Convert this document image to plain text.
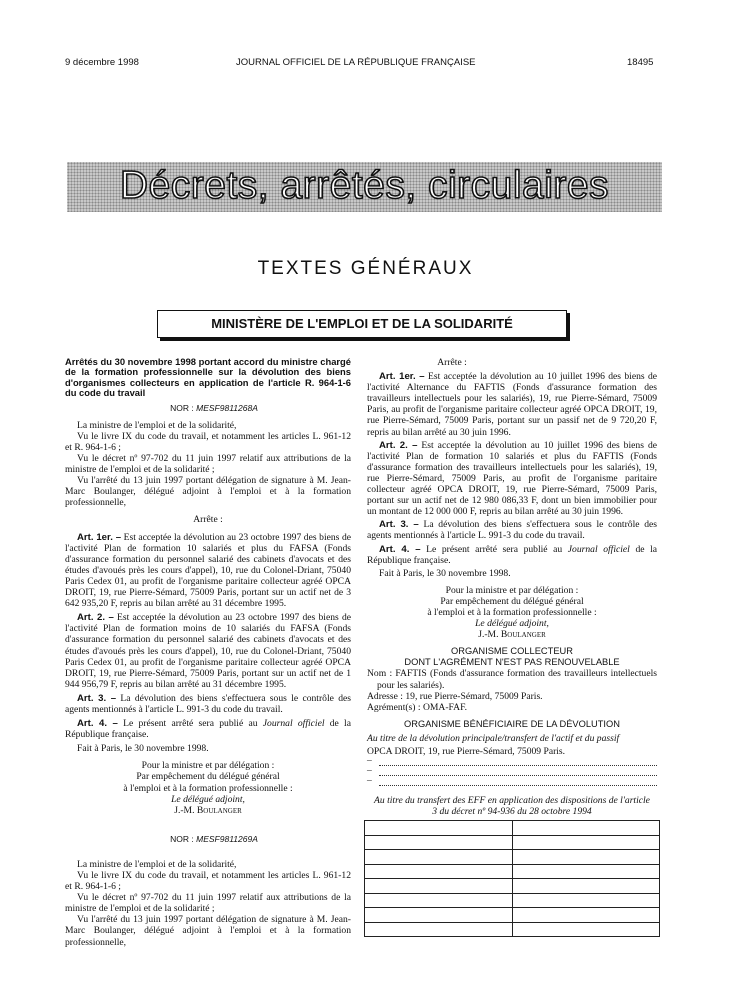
9 décembre 1998	JOURNAL OFFICIEL DE LA RÉPUBLIQUE FRANÇAISE	18495
Décrets, arrêtés, circulaires
TEXTES GÉNÉRAUX
MINISTÈRE DE L'EMPLOI ET DE LA SOLIDARITÉ

Arrêtés du 30 novembre 1998 portant accord du ministre chargé de la formation professionnelle sur la dévolution des biens d'organismes collecteurs en application de l'article R. 964-1-6 du code du travail

NOR : MESF9811268A

La ministre de l'emploi et de la solidarité,

Vu le livre IX du code du travail, et notamment les articles L. 961-12 et R. 964-1-6 ;

Vu le décret nº 97-702 du 11 juin 1997 relatif aux attributions de la ministre de l'emploi et de la solidarité ;

Vu l'arrêté du 13 juin 1997 portant délégation de signature à M. Jean-Marc Boulanger, délégué adjoint à l'emploi et à la formation professionnelle,

Arrête :

Art. 1er. – Est acceptée la dévolution au 23 octobre 1997 des biens de l'activité Plan de formation 10 salariés et plus du FAFSA (Fonds d'assurance formation du personnel salarié des cabinets d'avocats et des études d'avoués près les cours d'appel), 10, rue du Colonel-Driant, 75040 Paris Cedex 01, au profit de l'organisme paritaire collecteur agréé OPCA DROIT, 19, rue Pierre-Sémard, 75009 Paris, portant sur un actif net de 3 642 935,20 F, repris au bilan arrêté au 31 décembre 1995.

Art. 2. – Est acceptée la dévolution au 23 octobre 1997 des biens de l'activité Plan de formation moins de 10 salariés du FAFSA (Fonds d'assurance formation du personnel salarié des cabinets d'avocats et des études d'avoués près les cours d'appel), 10, rue du Colonel-Driant, 75040 Paris Cedex 01, au profit de l'organisme paritaire collecteur agréé OPCA DROIT, 19, rue Pierre-Sémard, 75009 Paris, portant sur un actif net de 1 944 956,79 F, repris au bilan arrêté au 31 décembre 1995.

Art. 3. – La dévolution des biens s'effectuera sous le contrôle des agents mentionnés à l'article L. 991-3 du code du travail.

Art. 4. – Le présent arrêté sera publié au Journal officiel de la République française.

Fait à Paris, le 30 novembre 1998.

Pour la ministre et par délégation :

Par empêchement du délégué général

à l'emploi et à la formation professionnelle :

Le délégué adjoint,

J.-M. Boulanger

NOR : MESF9811269A

La ministre de l'emploi et de la solidarité,

Vu le livre IX du code du travail, et notamment les articles L. 961-12 et R. 964-1-6 ;

Vu le décret nº 97-702 du 11 juin 1997 relatif aux attributions de la ministre de l'emploi et de la solidarité ;

Vu l'arrêté du 13 juin 1997 portant délégation de signature à M. Jean-Marc Boulanger, délégué adjoint à l'emploi et à la formation professionnelle,

Arrête :

Art. 1er. – Est acceptée la dévolution au 10 juillet 1996 des biens de l'activité Alternance du FAFTIS (Fonds d'assurance formation des travailleurs intellectuels pour les salariés), 19, rue Pierre-Sémard, 75009 Paris, au profit de l'organisme paritaire collecteur agréé OPCA DROIT, 19, rue Pierre-Sémard, 75009 Paris, portant sur un passif net de 9 720,20 F, repris au bilan arrêté au 30 juin 1996.

Art. 2. – Est acceptée la dévolution au 10 juillet 1996 des biens de l'activité Plan de formation 10 salariés et plus du FAFTIS (Fonds d'assurance formation des travailleurs intellectuels pour les salariés), 19, rue Pierre-Sémard, 75009 Paris, au profit de l'organisme paritaire collecteur agréé OPCA DROIT, 19, rue Pierre-Sémard, 75009 Paris, portant sur un actif net de 12 980 086,33 F, dont un bien immobilier pour un montant de 12 000 000 F, repris au bilan arrêté au 30 juin 1996.

Art. 3. – La dévolution des biens s'effectuera sous le contrôle des agents mentionnés à l'article L. 991-3 du code du travail.

Art. 4. – Le présent arrêté sera publié au Journal officiel de la République française.

Fait à Paris, le 30 novembre 1998.

Pour la ministre et par délégation :

Par empêchement du délégué général

à l'emploi et à la formation professionnelle :

Le délégué adjoint,

J.-M. Boulanger

ORGANISME COLLECTEUR

DONT L'AGRÉMENT N'EST PAS RENOUVELABLE

Nom : FAFTIS (Fonds d'assurance formation des travailleurs intellectuels pour les salariés).

Adresse : 19, rue Pierre-Sémard, 75009 Paris.

Agrément(s) : OMA-FAF.

ORGANISME BÉNÉFICIAIRE DE LA DÉVOLUTION

Au titre de la dévolution principale/transfert de l'actif et du passif

OPCA DROIT, 19, rue Pierre-Sémard, 75009 Paris.

–
–
–

Au titre du transfert des EFF en application des dispositions de l'article 3 du décret nº 94-936 du 28 octobre 1994
